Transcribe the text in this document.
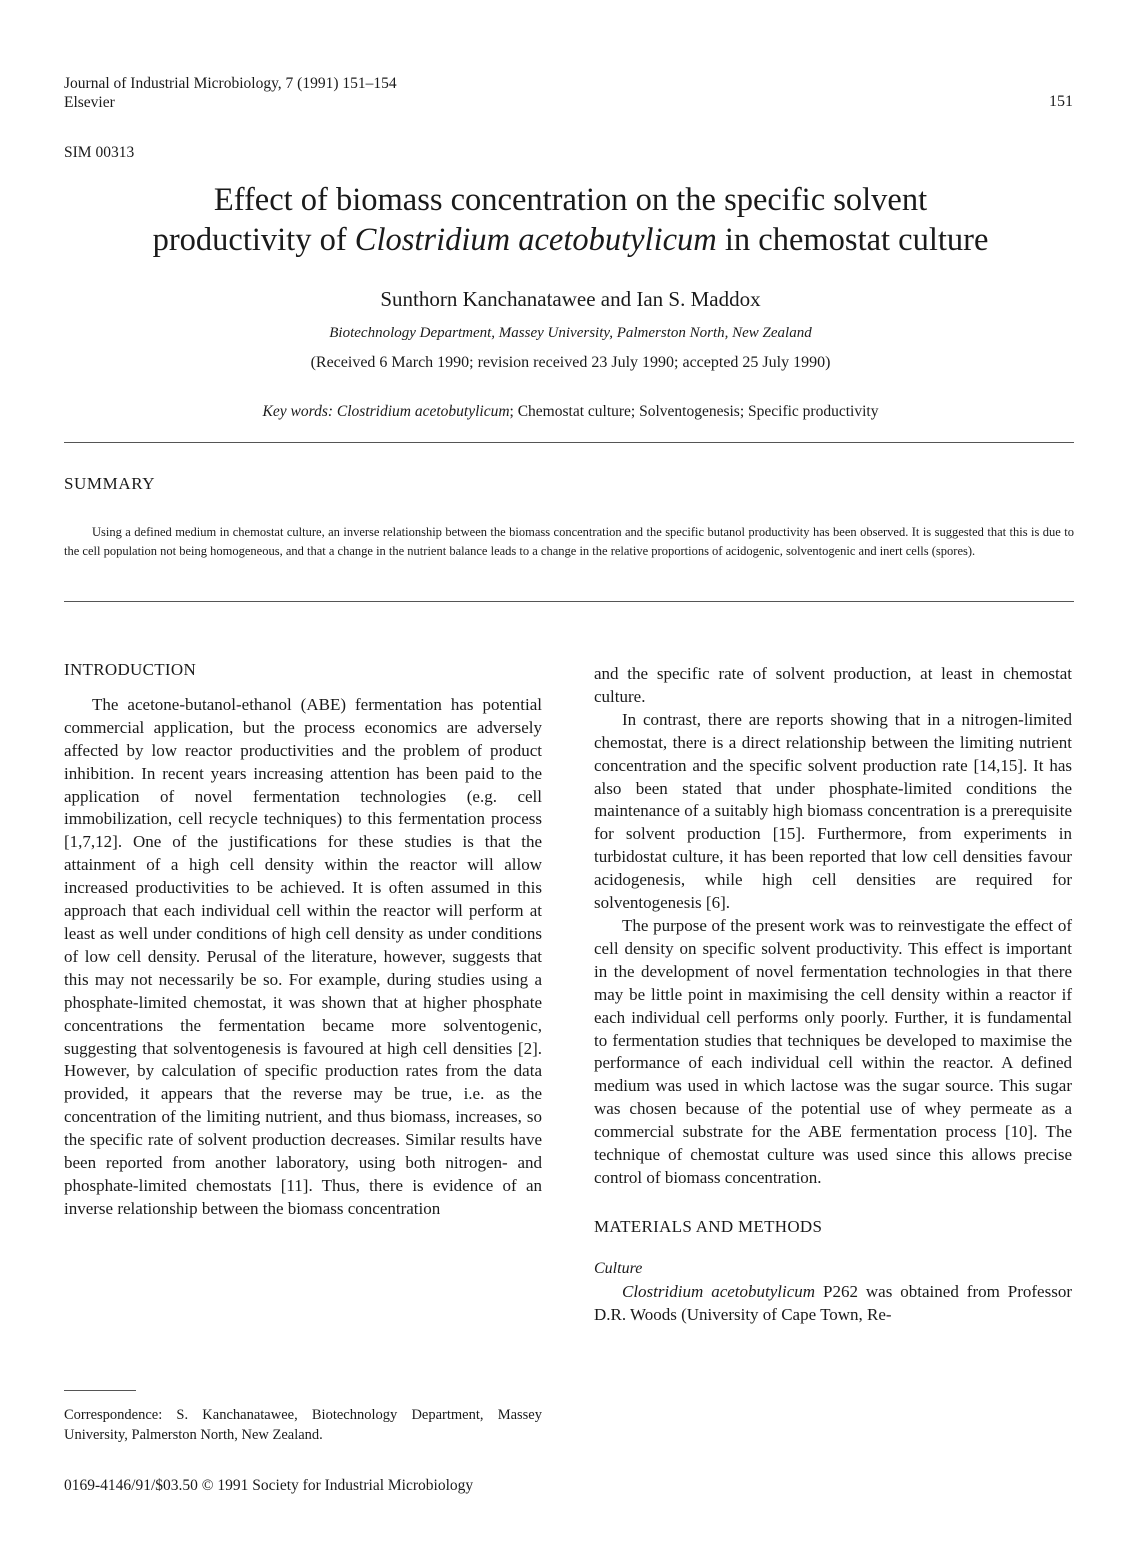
Journal of Industrial Microbiology, 7 (1991) 151–154
Elsevier	151
SIM 00313
Effect of biomass concentration on the specific solvent
productivity of Clostridium acetobutylicum in chemostat culture
Sunthorn Kanchanatawee and Ian S. Maddox
Biotechnology Department, Massey University, Palmerston North, New Zealand
(Received 6 March 1990; revision received 23 July 1990; accepted 25 July 1990)
Key words: Clostridium acetobutylicum; Chemostat culture; Solventogenesis; Specific productivity
SUMMARY

Using a defined medium in chemostat culture, an inverse relationship between the biomass concentration and the specific butanol productivity has been observed. It is suggested that this is due to the cell population not being homogeneous, and that a change in the nutrient balance leads to a change in the relative proportions of acidogenic, solventogenic and inert cells (spores).

INTRODUCTION

The acetone-butanol-ethanol (ABE) fermentation has potential commercial application, but the process economics are adversely affected by low reactor productivities and the problem of product inhibition. In recent years increasing attention has been paid to the application of novel fermentation technologies (e.g. cell immobilization, cell recycle techniques) to this fermentation process [1,7,12]. One of the justifications for these studies is that the attainment of a high cell density within the reactor will allow increased productivities to be achieved. It is often assumed in this approach that each individual cell within the reactor will perform at least as well under conditions of high cell density as under conditions of low cell density. Perusal of the literature, however, suggests that this may not necessarily be so. For example, during studies using a phosphate-limited chemostat, it was shown that at higher phosphate concentrations the fermentation became more solventogenic, suggesting that solventogenesis is favoured at high cell densities [2]. However, by calculation of specific production rates from the data provided, it appears that the reverse may be true, i.e. as the concentration of the limiting nutrient, and thus biomass, increases, so the specific rate of solvent production decreases. Similar results have been reported from another laboratory, using both nitrogen- and phosphate-limited chemostats [11]. Thus, there is evidence of an inverse relationship between the biomass concentration

and the specific rate of solvent production, at least in chemostat culture.

In contrast, there are reports showing that in a nitrogen-limited chemostat, there is a direct relationship between the limiting nutrient concentration and the specific solvent production rate [14,15]. It has also been stated that under phosphate-limited conditions the maintenance of a suitably high biomass concentration is a prerequisite for solvent production [15]. Furthermore, from experiments in turbidostat culture, it has been reported that low cell densities favour acidogenesis, while high cell densities are required for solventogenesis [6].

The purpose of the present work was to reinvestigate the effect of cell density on specific solvent productivity. This effect is important in the development of novel fermentation technologies in that there may be little point in maximising the cell density within a reactor if each individual cell performs only poorly. Further, it is fundamental to fermentation studies that techniques be developed to maximise the performance of each individual cell within the reactor. A defined medium was used in which lactose was the sugar source. This sugar was chosen because of the potential use of whey permeate as a commercial substrate for the ABE fermentation process [10]. The technique of chemostat culture was used since this allows precise control of biomass concentration.

MATERIALS AND METHODS
Culture

Clostridium acetobutylicum P262 was obtained from Professor D.R. Woods (University of Cape Town, Re-

Correspondence: S. Kanchanatawee, Biotechnology Department, Massey University, Palmerston North, New Zealand.
0169-4146/91/$03.50 © 1991 Society for Industrial Microbiology
